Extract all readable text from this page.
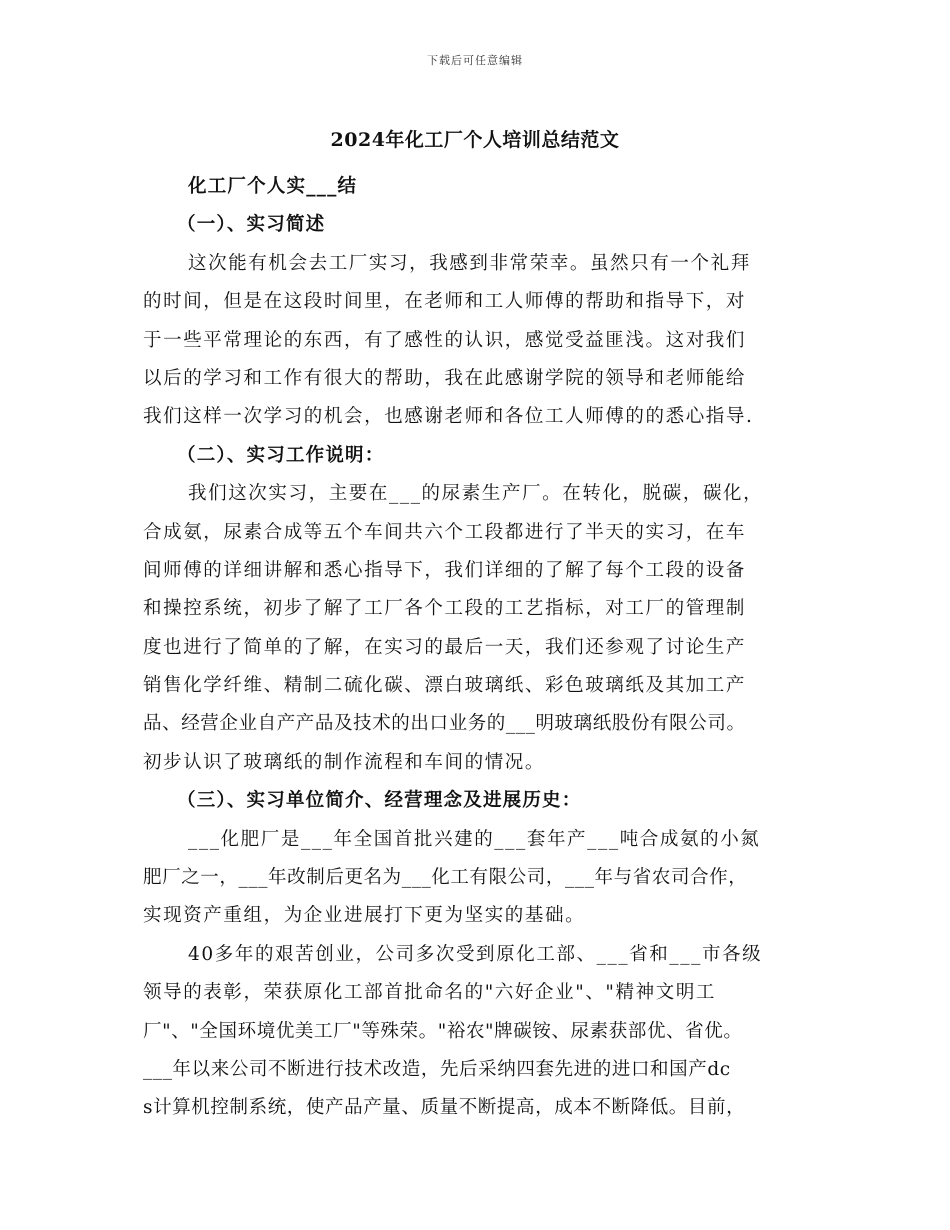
下载后可任意编辑
2024年化工厂个人培训总结范文
化工厂个人实___结
（一）、实习简述
这次能有机会去工厂实习，我感到非常荣幸。虽然只有一个礼拜
的时间，但是在这段时间里，在老师和工人师傅的帮助和指导下，对
于一些平常理论的东西，有了感性的认识，感觉受益匪浅。这对我们
以后的学习和工作有很大的帮助，我在此感谢学院的领导和老师能给
我们这样一次学习的机会，也感谢老师和各位工人师傅的的悉心指导.
（二）、实习工作说明：
我们这次实习，主要在___的尿素生产厂。在转化，脱碳，碳化，
合成氨，尿素合成等五个车间共六个工段都进行了半天的实习，在车
间师傅的详细讲解和悉心指导下，我们详细的了解了每个工段的设备
和操控系统，初步了解了工厂各个工段的工艺指标，对工厂的管理制
度也进行了简单的了解，在实习的最后一天，我们还参观了讨论生产
销售化学纤维、精制二硫化碳、漂白玻璃纸、彩色玻璃纸及其加工产
品、经营企业自产产品及技术的出口业务的___明玻璃纸股份有限公司。
初步认识了玻璃纸的制作流程和车间的情况。
（三）、实习单位简介、经营理念及进展历史：
___化肥厂是___年全国首批兴建的___套年产___吨合成氨的小氮
肥厂之一，___年改制后更名为___化工有限公司，___年与省农司合作，
实现资产重组，为企业进展打下更为坚实的基础。
40多年的艰苦创业，公司多次受到原化工部、___省和___市各级
领导的表彰，荣获原化工部首批命名的"六好企业"、"精神文明工
厂"、"全国环境优美工厂"等殊荣。"裕农"牌碳铵、尿素获部优、省优。
___年以来公司不断进行技术改造，先后采纳四套先进的进口和国产dc
s计算机控制系统，使产品产量、质量不断提高，成本不断降低。目前，
